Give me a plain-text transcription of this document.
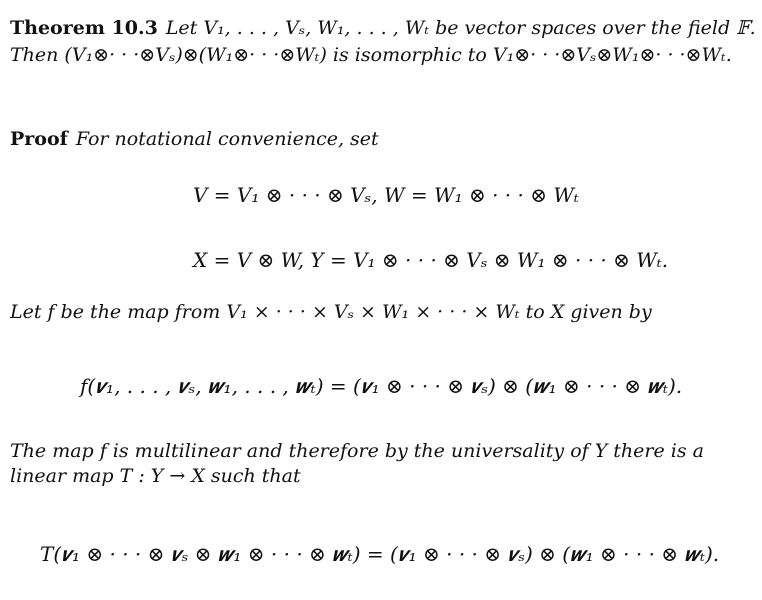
Theorem 10.3 Let V₁, . . . , Vₛ, W₁, . . . , Wₜ be vector spaces over the field 𝔽.
Then (V₁⊗· · ·⊗Vₛ)⊗(W₁⊗· · ·⊗Wₜ) is isomorphic to V₁⊗· · ·⊗Vₛ⊗W₁⊗· · ·⊗Wₜ.
Proof For notational convenience, set
V = V₁ ⊗ · · · ⊗ Vₛ, W = W₁ ⊗ · · · ⊗ Wₜ
X = V ⊗ W, Y = V₁ ⊗ · · · ⊗ Vₛ ⊗ W₁ ⊗ · · · ⊗ Wₜ.
Let f be the map from V₁ × · · · × Vₛ × W₁ × · · · × Wₜ to X given by
f(𝒗₁, . . . , 𝒗ₛ, 𝒘₁, . . . , 𝒘ₜ) = (𝒗₁ ⊗ · · · ⊗ 𝒗ₛ) ⊗ (𝒘₁ ⊗ · · · ⊗ 𝒘ₜ).
The map f is multilinear and therefore by the universality of Y there is a
linear map T : Y → X such that
T(𝒗₁ ⊗ · · · ⊗ 𝒗ₛ ⊗ 𝒘₁ ⊗ · · · ⊗ 𝒘ₜ) = (𝒗₁ ⊗ · · · ⊗ 𝒗ₛ) ⊗ (𝒘₁ ⊗ · · · ⊗ 𝒘ₜ).
